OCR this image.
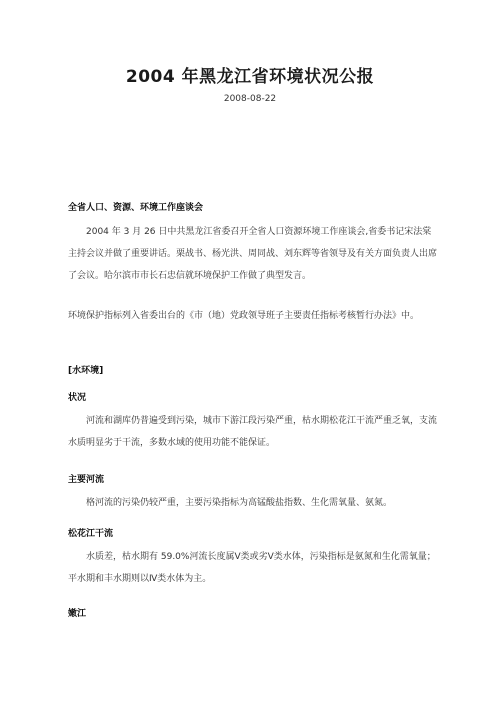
2004 年黑龙江省环境状况公报
2008-08-22
全省人口、资源、环境工作座谈会
2004 年 3 月 26 日中共黑龙江省委召开全省人口资源环境工作座谈会,省委书记宋法棠主持会议并做了重要讲话。栗战书、杨光洪、周同战、刘东辉等省领导及有关方面负责人出席了会议。哈尔滨市市长石忠信就环境保护工作做了典型发言。
环境保护指标列入省委出台的《市（地）党政领导班子主要责任指标考核暂行办法》中。
[水环境]
状况
河流和湖库仍普遍受到污染，城市下游江段污染严重，枯水期松花江干流严重乏氧，支流水质明显劣于干流，多数水域的使用功能不能保证。
主要河流
格河流的污染仍较严重，主要污染指标为高锰酸盐指数、生化需氧量、氨氮。
松花江干流
水质差，枯水期有 59.0%河流长度属Ⅴ类或劣Ⅴ类水体，污染指标是氨氮和生化需氧量；平水期和丰水期则以Ⅳ类水体为主。
嫩江
